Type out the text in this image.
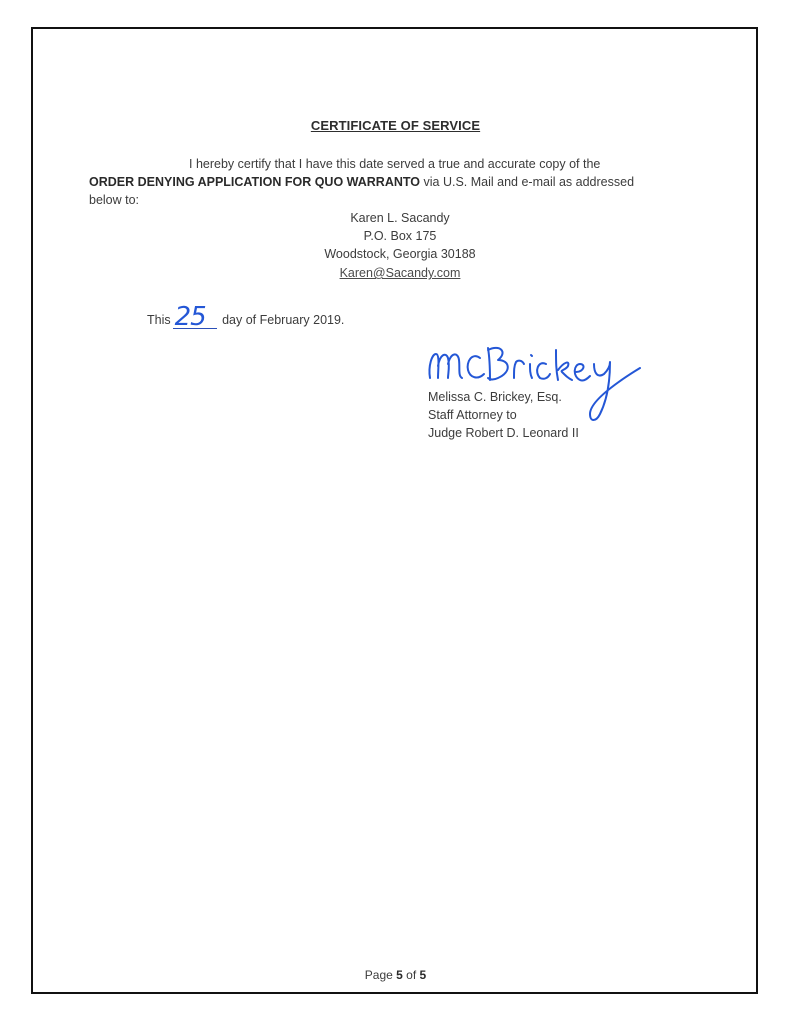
CERTIFICATE OF SERVICE
I hereby certify that I have this date served a true and accurate copy of the
ORDER DENYING APPLICATION FOR QUO WARRANTO via U.S. Mail and e-mail as addressed
below to:
Karen L. Sacandy
P.O. Box 175
Woodstock, Georgia 30188
Karen@Sacandy.com
This 25 day of February 2019.
Melissa C. Brickey, Esq.
Staff Attorney to
Judge Robert D. Leonard II
Page 5 of 5
